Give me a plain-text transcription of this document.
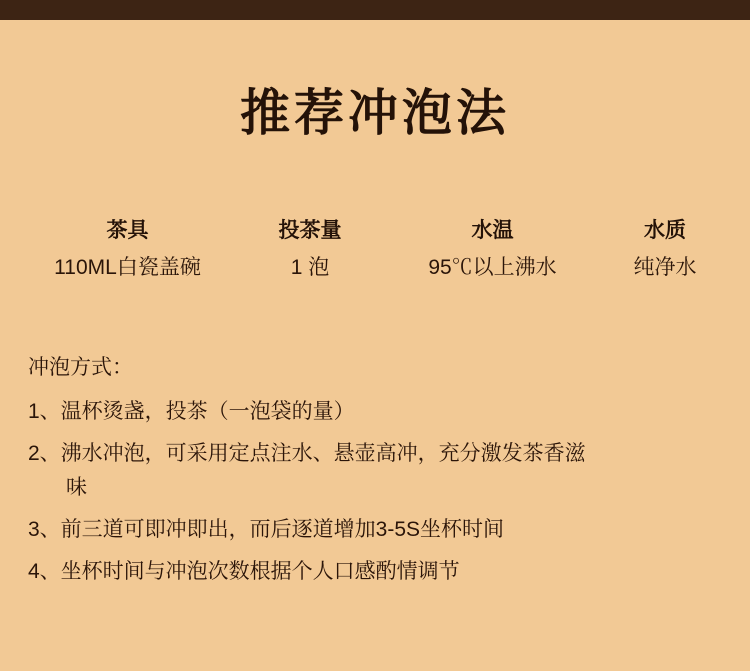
推荐冲泡法
茶具
110ML白瓷盖碗
投茶量
1 泡
水温
95℃以上沸水
水质
纯净水
冲泡方式：
1、温杯烫盏，投茶（一泡袋的量）
2、沸水冲泡，可采用定点注水、悬壶高冲，充分激发茶香滋
味
3、前三道可即冲即出，而后逐道增加3-5S坐杯时间
4、坐杯时间与冲泡次数根据个人口感酌情调节
